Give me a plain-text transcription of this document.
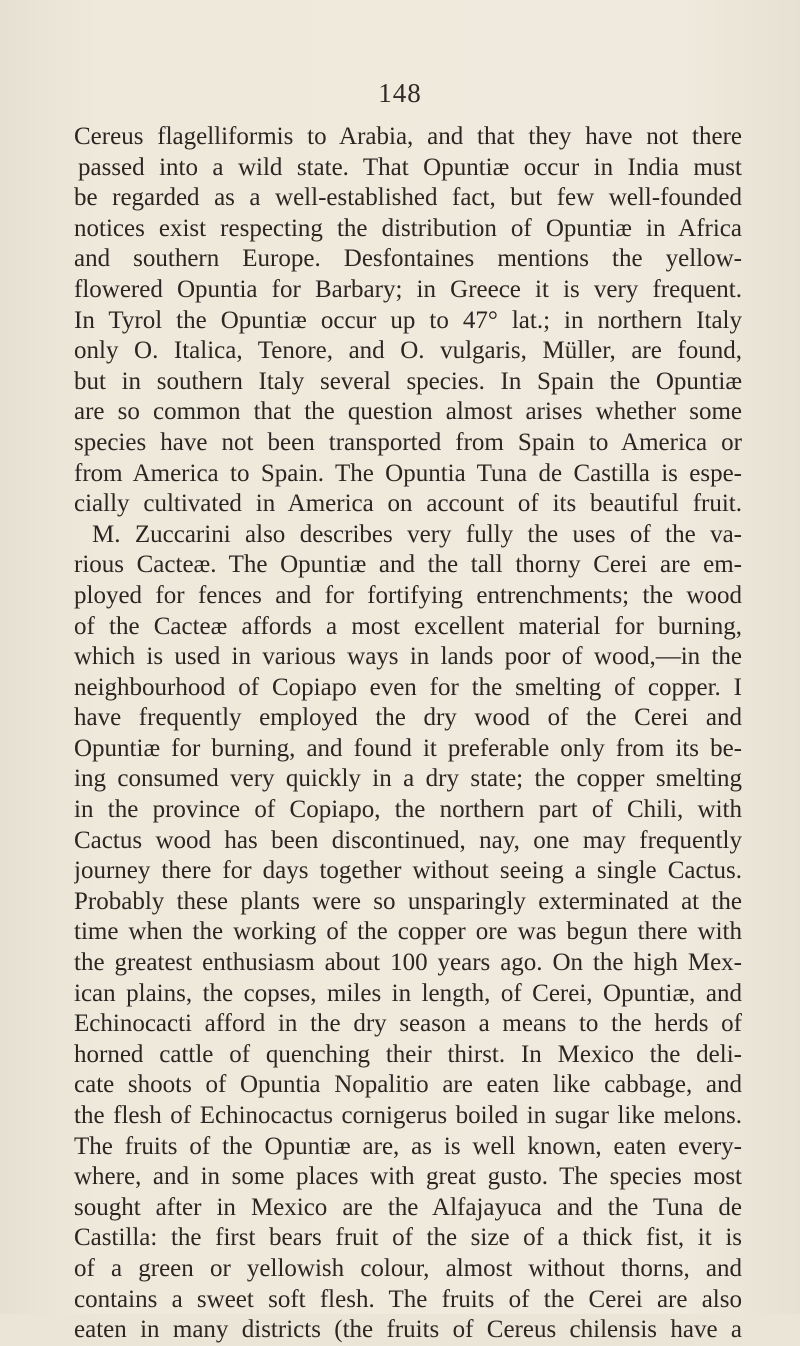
148
Cereus flagelliformis to Arabia, and that they have not there
passed into a wild state. That Opuntiæ occur in India must
be regarded as a well-established fact, but few well-founded
notices exist respecting the distribution of Opuntiæ in Africa
and southern Europe. Desfontaines mentions the yellow-
flowered Opuntia for Barbary; in Greece it is very frequent.
In Tyrol the Opuntiæ occur up to 47° lat.; in northern Italy
only O. Italica, Tenore, and O. vulgaris, Müller, are found,
but in southern Italy several species. In Spain the Opuntiæ
are so common that the question almost arises whether some
species have not been transported from Spain to America or
from America to Spain. The Opuntia Tuna de Castilla is espe-
cially cultivated in America on account of its beautiful fruit.
M. Zuccarini also describes very fully the uses of the va-
rious Cacteæ. The Opuntiæ and the tall thorny Cerei are em-
ployed for fences and for fortifying entrenchments; the wood
of the Cacteæ affords a most excellent material for burning,
which is used in various ways in lands poor of wood,—in the
neighbourhood of Copiapo even for the smelting of copper. I
have frequently employed the dry wood of the Cerei and
Opuntiæ for burning, and found it preferable only from its be-
ing consumed very quickly in a dry state; the copper smelting
in the province of Copiapo, the northern part of Chili, with
Cactus wood has been discontinued, nay, one may frequently
journey there for days together without seeing a single Cactus.
Probably these plants were so unsparingly exterminated at the
time when the working of the copper ore was begun there with
the greatest enthusiasm about 100 years ago. On the high Mex-
ican plains, the copses, miles in length, of Cerei, Opuntiæ, and
Echinocacti afford in the dry season a means to the herds of
horned cattle of quenching their thirst. In Mexico the deli-
cate shoots of Opuntia Nopalitio are eaten like cabbage, and
the flesh of Echinocactus cornigerus boiled in sugar like melons.
The fruits of the Opuntiæ are, as is well known, eaten every-
where, and in some places with great gusto. The species most
sought after in Mexico are the Alfajayuca and the Tuna de
Castilla: the first bears fruit of the size of a thick fist, it is
of a green or yellowish colour, almost without thorns, and
contains a sweet soft flesh. The fruits of the Cerei are also
eaten in many districts (the fruits of Cereus chilensis have a
